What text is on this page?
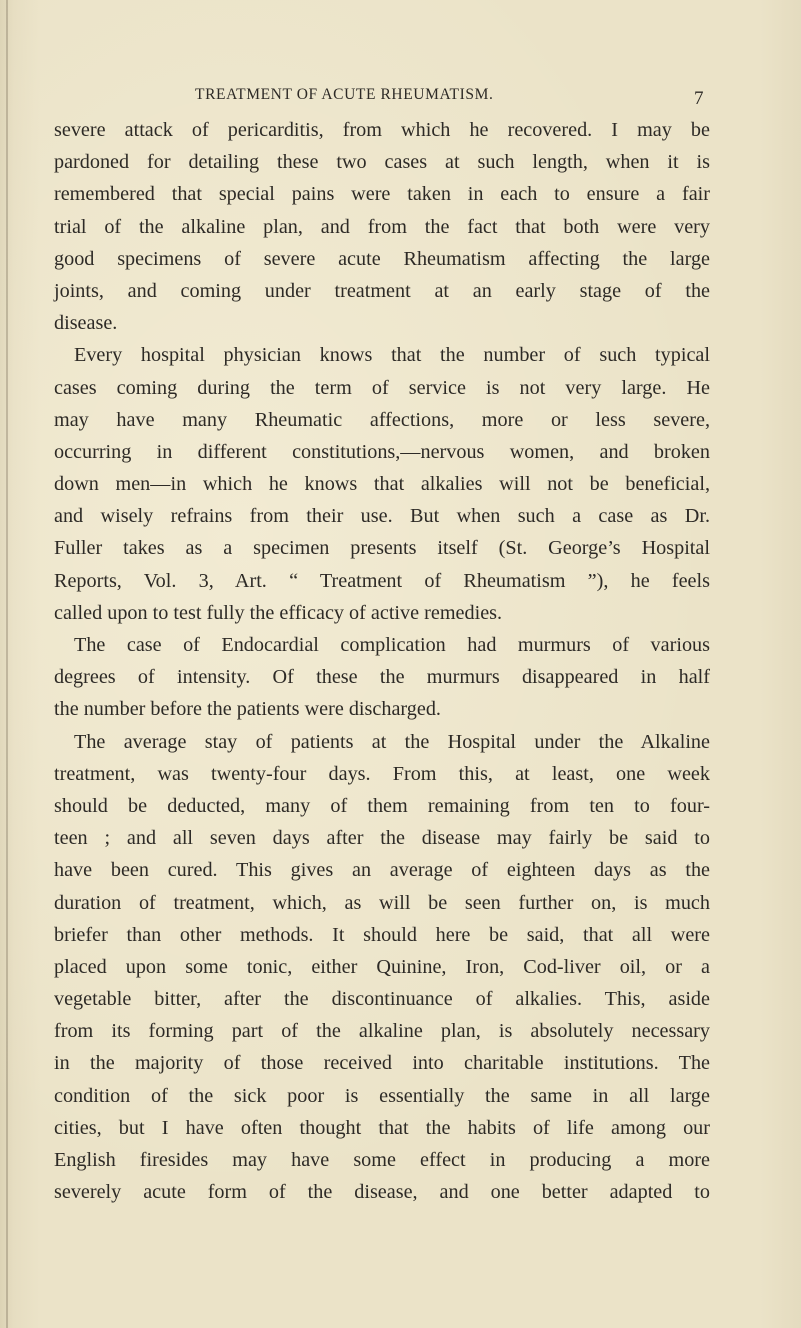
TREATMENT OF ACUTE RHEUMATISM.	7
severe attack of pericarditis, from which he recovered. I may be
pardoned for detailing these two cases at such length, when it is
remembered that special pains were taken in each to ensure a fair
trial of the alkaline plan, and from the fact that both were very
good specimens of severe acute Rheumatism affecting the large
joints, and coming under treatment at an early stage of the
disease.
Every hospital physician knows that the number of such typical
cases coming during the term of service is not very large. He
may have many Rheumatic affections, more or less severe,
occurring in different constitutions,—nervous women, and broken
down men—in which he knows that alkalies will not be beneficial,
and wisely refrains from their use. But when such a case as Dr.
Fuller takes as a specimen presents itself (St. George’s Hospital
Reports, Vol. 3, Art. “ Treatment of Rheumatism ”), he feels
called upon to test fully the efficacy of active remedies.
The case of Endocardial complication had murmurs of various
degrees of intensity. Of these the murmurs disappeared in half
the number before the patients were discharged.
The average stay of patients at the Hospital under the Alkaline
treatment, was twenty-four days. From this, at least, one week
should be deducted, many of them remaining from ten to four-
teen ; and all seven days after the disease may fairly be said to
have been cured. This gives an average of eighteen days as the
duration of treatment, which, as will be seen further on, is much
briefer than other methods. It should here be said, that all were
placed upon some tonic, either Quinine, Iron, Cod-liver oil, or a
vegetable bitter, after the discontinuance of alkalies. This, aside
from its forming part of the alkaline plan, is absolutely necessary
in the majority of those received into charitable institutions. The
condition of the sick poor is essentially the same in all large
cities, but I have often thought that the habits of life among our
English firesides may have some effect in producing a more
severely acute form of the disease, and one better adapted to
